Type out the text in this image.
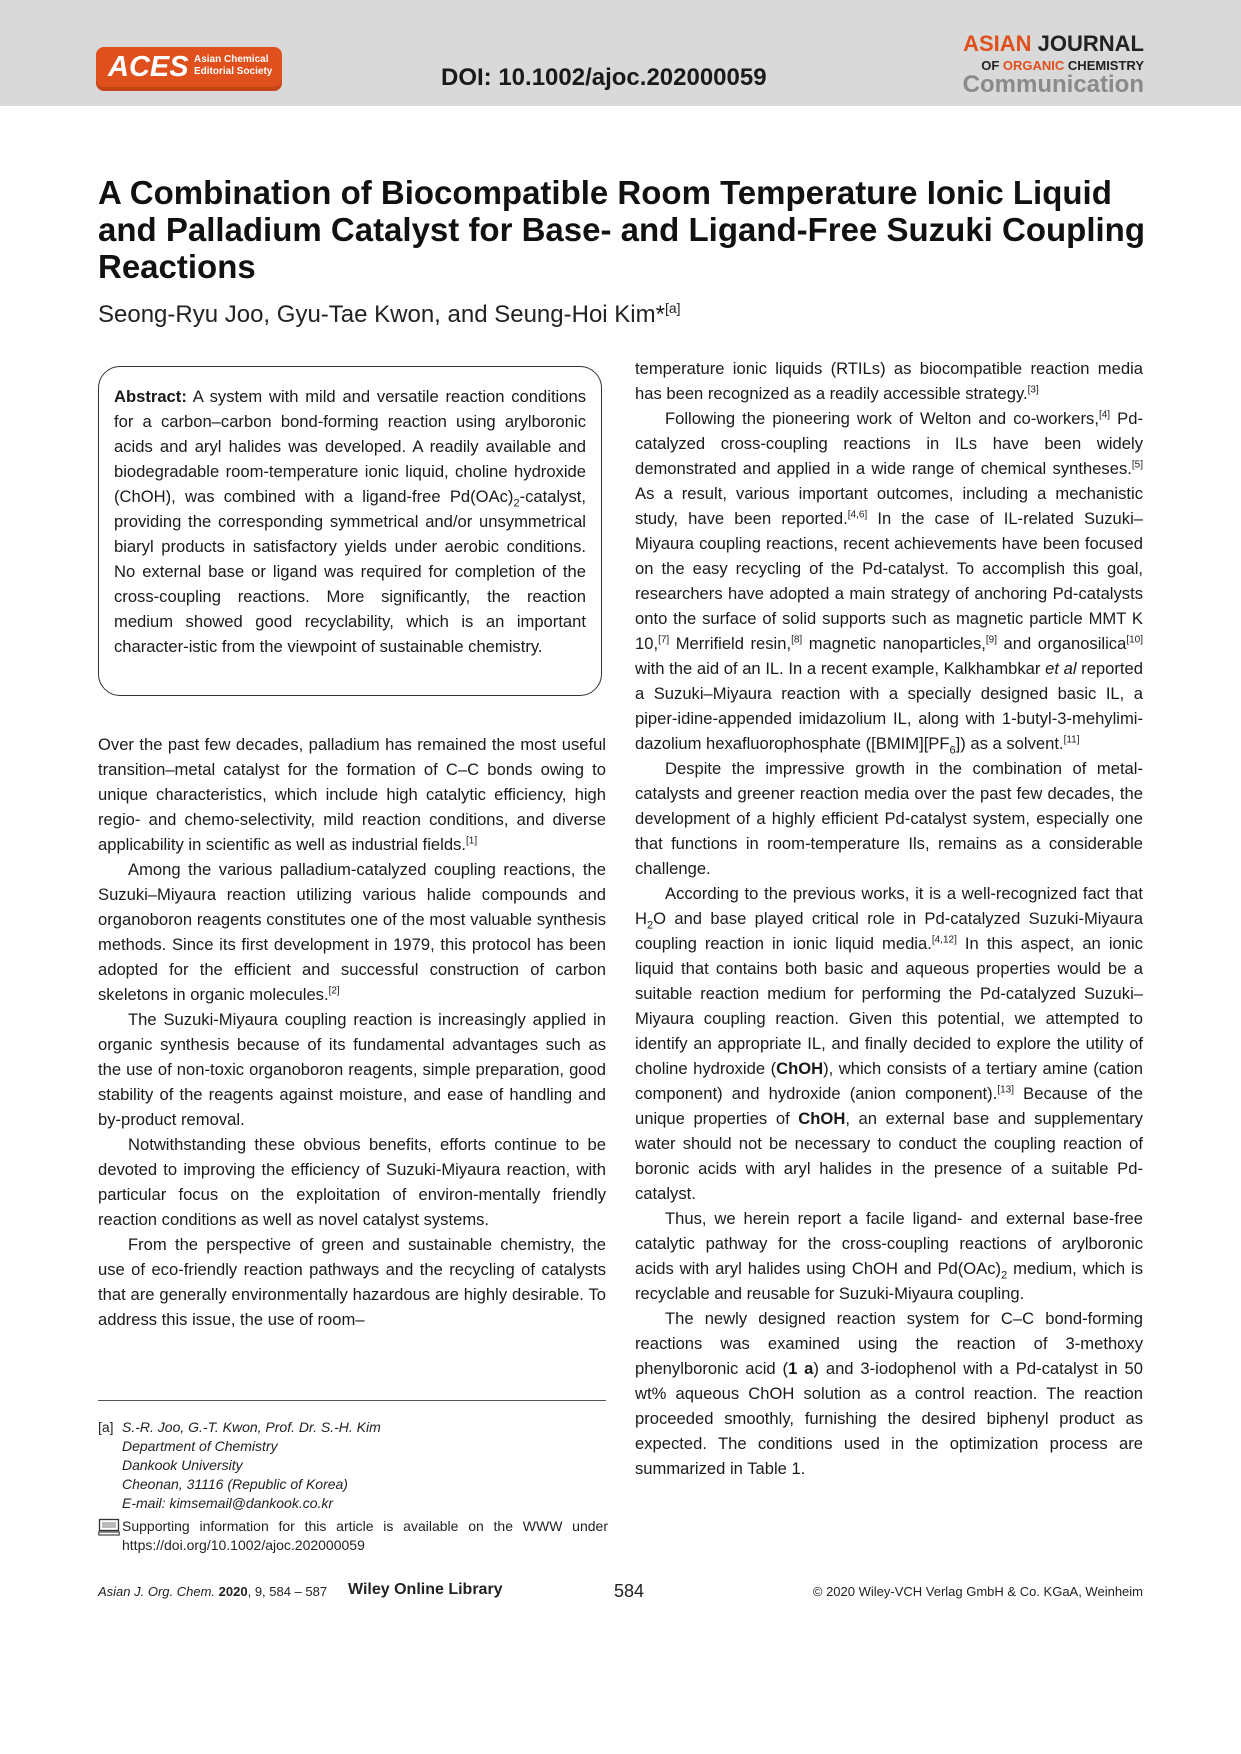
ACES Asian Chemical
Editorial Society	DOI: 10.1002/ajoc.202000059
ASIAN JOURNAL
OF ORGANIC CHEMISTRY
Communication
A Combination of Biocompatible Room Temperature Ionic Liquid and Palladium Catalyst for Base- and Ligand-Free Suzuki Coupling Reactions
Seong-Ryu Joo, Gyu-Tae Kwon, and Seung-Hoi Kim*[a]
Abstract: A system with mild and versatile reaction conditions for a carbon–carbon bond-forming reaction using arylboronic acids and aryl halides was developed. A readily available and biodegradable room-temperature ionic liquid, choline hydroxide (ChOH), was combined with a ligand-free $Pd(OAc)_2$-catalyst, providing the corresponding symmetrical and/or unsymmetrical biaryl products in satisfactory yields under aerobic conditions. No external base or ligand was required for completion of the cross-coupling reactions. More significantly, the reaction medium showed good recyclability, which is an important character-istic from the viewpoint of sustainable chemistry.

Over the past few decades, palladium has remained the most useful transition–metal catalyst for the formation of C–C bonds owing to unique characteristics, which include high catalytic efficiency, high regio- and chemo-selectivity, mild reaction conditions, and diverse applicability in scientific as well as industrial fields.[1]

Among the various palladium-catalyzed coupling reactions, the Suzuki–Miyaura reaction utilizing various halide compounds and organoboron reagents constitutes one of the most valuable synthesis methods. Since its first development in 1979, this protocol has been adopted for the efficient and successful construction of carbon skeletons in organic molecules.[2]

The Suzuki-Miyaura coupling reaction is increasingly applied in organic synthesis because of its fundamental advantages such as the use of non-toxic organoboron reagents, simple preparation, good stability of the reagents against moisture, and ease of handling and by-product removal.

Notwithstanding these obvious benefits, efforts continue to be devoted to improving the efficiency of Suzuki-Miyaura reaction, with particular focus on the exploitation of environ-mentally friendly reaction conditions as well as novel catalyst systems.

From the perspective of green and sustainable chemistry, the use of eco-friendly reaction pathways and the recycling of catalysts that are generally environmentally hazardous are highly desirable. To address this issue, the use of room–

temperature ionic liquids (RTILs) as biocompatible reaction media has been recognized as a readily accessible strategy.[3]

Following the pioneering work of Welton and co-workers,[4] Pd-catalyzed cross-coupling reactions in ILs have been widely demonstrated and applied in a wide range of chemical syntheses.[5] As a result, various important outcomes, including a mechanistic study, have been reported.[4,6] In the case of IL-related Suzuki–Miyaura coupling reactions, recent achievements have been focused on the easy recycling of the Pd-catalyst. To accomplish this goal, researchers have adopted a main strategy of anchoring Pd-catalysts onto the surface of solid supports such as magnetic particle MMT K 10,[7] Merrifield resin,[8] magnetic nanoparticles,[9] and organosilica[10] with the aid of an IL. In a recent example, Kalkhambkar et al reported a Suzuki–Miyaura reaction with a specially designed basic IL, a piper-idine-appended imidazolium IL, along with 1-butyl-3-mehylimi-dazolium hexafluorophosphate $([BMIM][PF_6])$ as a solvent.[11]

Despite the impressive growth in the combination of metal-catalysts and greener reaction media over the past few decades, the development of a highly efficient Pd-catalyst system, especially one that functions in room-temperature Ils, remains as a considerable challenge.

According to the previous works, it is a well-recognized fact that $H_2O$ and base played critical role in Pd-catalyzed Suzuki-Miyaura coupling reaction in ionic liquid media.[4,12] In this aspect, an ionic liquid that contains both basic and aqueous properties would be a suitable reaction medium for performing the Pd-catalyzed Suzuki–Miyaura coupling reaction. Given this potential, we attempted to identify an appropriate IL, and finally decided to explore the utility of choline hydroxide (ChOH), which consists of a tertiary amine (cation component) and hydroxide (anion component).[13] Because of the unique properties of ChOH, an external base and supplementary water should not be necessary to conduct the coupling reaction of boronic acids with aryl halides in the presence of a suitable Pd-catalyst.

Thus, we herein report a facile ligand- and external base-free catalytic pathway for the cross-coupling reactions of arylboronic acids with aryl halides using ChOH and $Pd(OAc)_2$ medium, which is recyclable and reusable for Suzuki-Miyaura coupling.

The newly designed reaction system for C–C bond-forming reactions was examined using the reaction of 3-methoxy phenylboronic acid (1 a) and 3-iodophenol with a Pd-catalyst in 50 wt% aqueous ChOH solution as a control reaction. The reaction proceeded smoothly, furnishing the desired biphenyl product as expected. The conditions used in the optimization process are summarized in Table 1.

[a] S.-R. Joo, G.-T. Kwon, Prof. Dr. S.-H. Kim
Department of Chemistry
Dankook University
Cheonan, 31116 (Republic of Korea)
E-mail: kimsemail@dankook.co.kr
Supporting information for this article is available on the WWW under https://doi.org/10.1002/ajoc.202000059
Asian J. Org. Chem. 2020, 9, 584 – 587 Wiley Online Library	584	© 2020 Wiley-VCH Verlag GmbH & Co. KGaA, Weinheim
